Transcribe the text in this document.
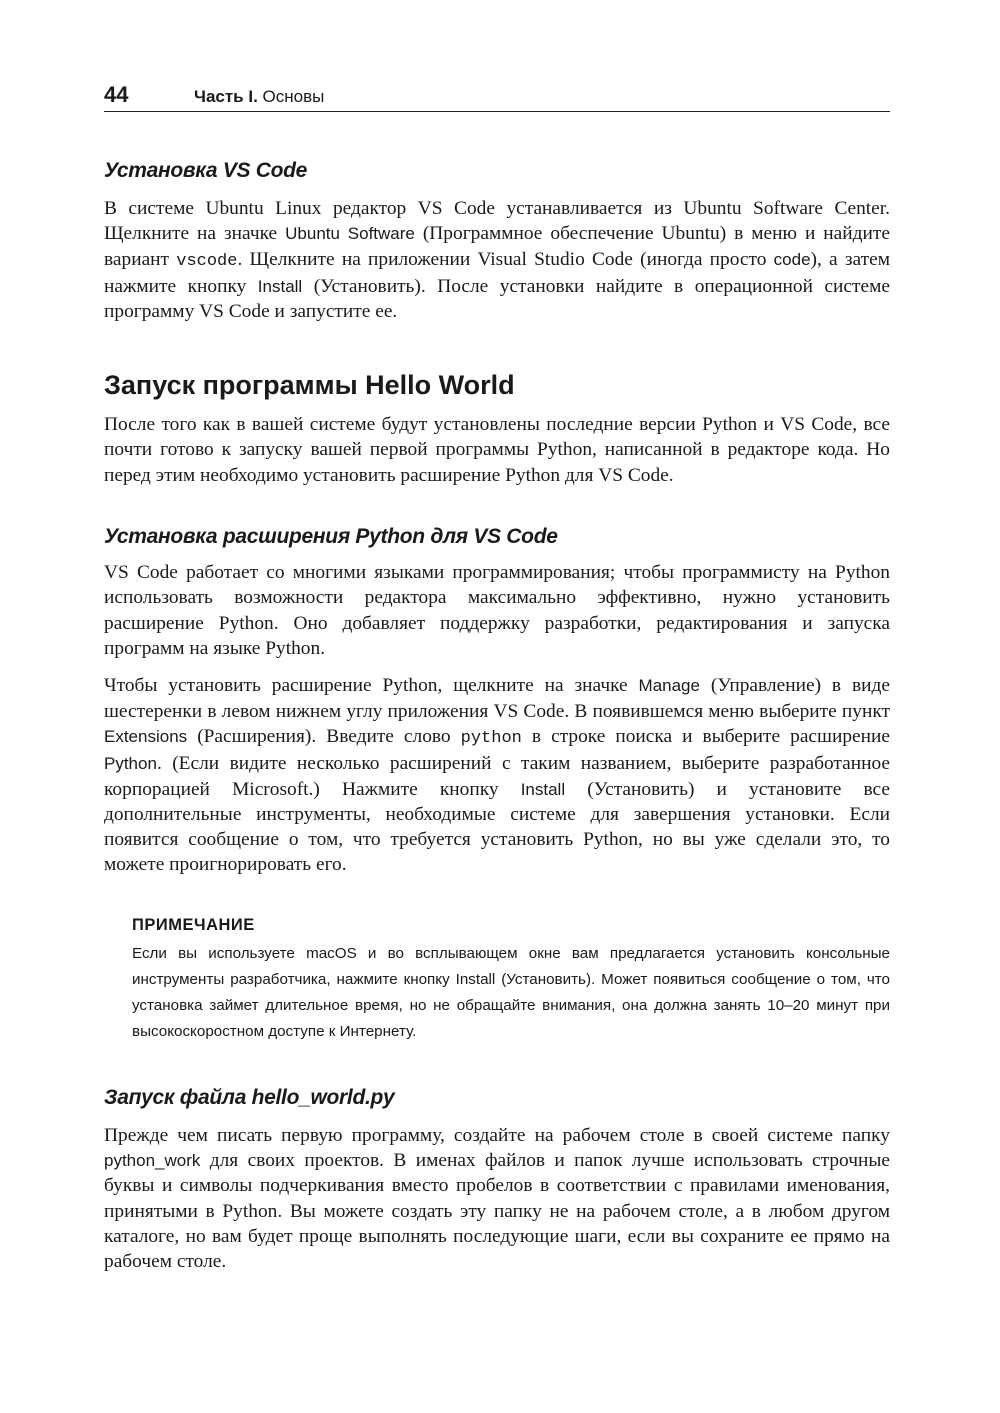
44	Часть I. Основы
Установка VS Code

В системе Ubuntu Linux редактор VS Code устанавливается из Ubuntu Software Center. Щелкните на значке Ubuntu Software (Программное обеспечение Ubuntu) в меню и найдите вариант vscode. Щелкните на приложении Visual Studio Code (иногда просто code), а затем нажмите кнопку Install (Установить). После установки найдите в операционной системе программу VS Code и запустите ее.

Запуск программы Hello World

После того как в вашей системе будут установлены последние версии Python и VS Code, все почти готово к запуску вашей первой программы Python, написанной в редакторе кода. Но перед этим необходимо установить расширение Python для VS Code.

Установка расширения Python для VS Code

VS Code работает со многими языками программирования; чтобы программисту на Python использовать возможности редактора максимально эффективно, нужно установить расширение Python. Оно добавляет поддержку разработки, редактирования и запуска программ на языке Python.

Чтобы установить расширение Python, щелкните на значке Manage (Управление) в виде шестеренки в левом нижнем углу приложения VS Code. В появившемся меню выберите пункт Extensions (Расширения). Введите слово python в строке поиска и выберите расширение Python. (Если видите несколько расширений с таким названием, выберите разработанное корпорацией Microsoft.) Нажмите кнопку Install (Установить) и установите все дополнительные инструменты, необходимые системе для завершения установки. Если появится сообщение о том, что требуется установить Python, но вы уже сделали это, то можете проигнорировать его.

ПРИМЕЧАНИЕ

Если вы используете macOS и во всплывающем окне вам предлагается установить консольные инструменты разработчика, нажмите кнопку Install (Установить). Может появиться сообщение о том, что установка займет длительное время, но не обращайте внимания, она должна занять 10–20 минут при высокоскоростном доступе к Интернету.

Запуск файла hello_world.py

Прежде чем писать первую программу, создайте на рабочем столе в своей системе папку python_work для своих проектов. В именах файлов и папок лучше использовать строчные буквы и символы подчеркивания вместо пробелов в соответствии с правилами именования, принятыми в Python. Вы можете создать эту папку не на рабочем столе, а в любом другом каталоге, но вам будет проще выполнять последующие шаги, если вы сохраните ее прямо на рабочем столе.
